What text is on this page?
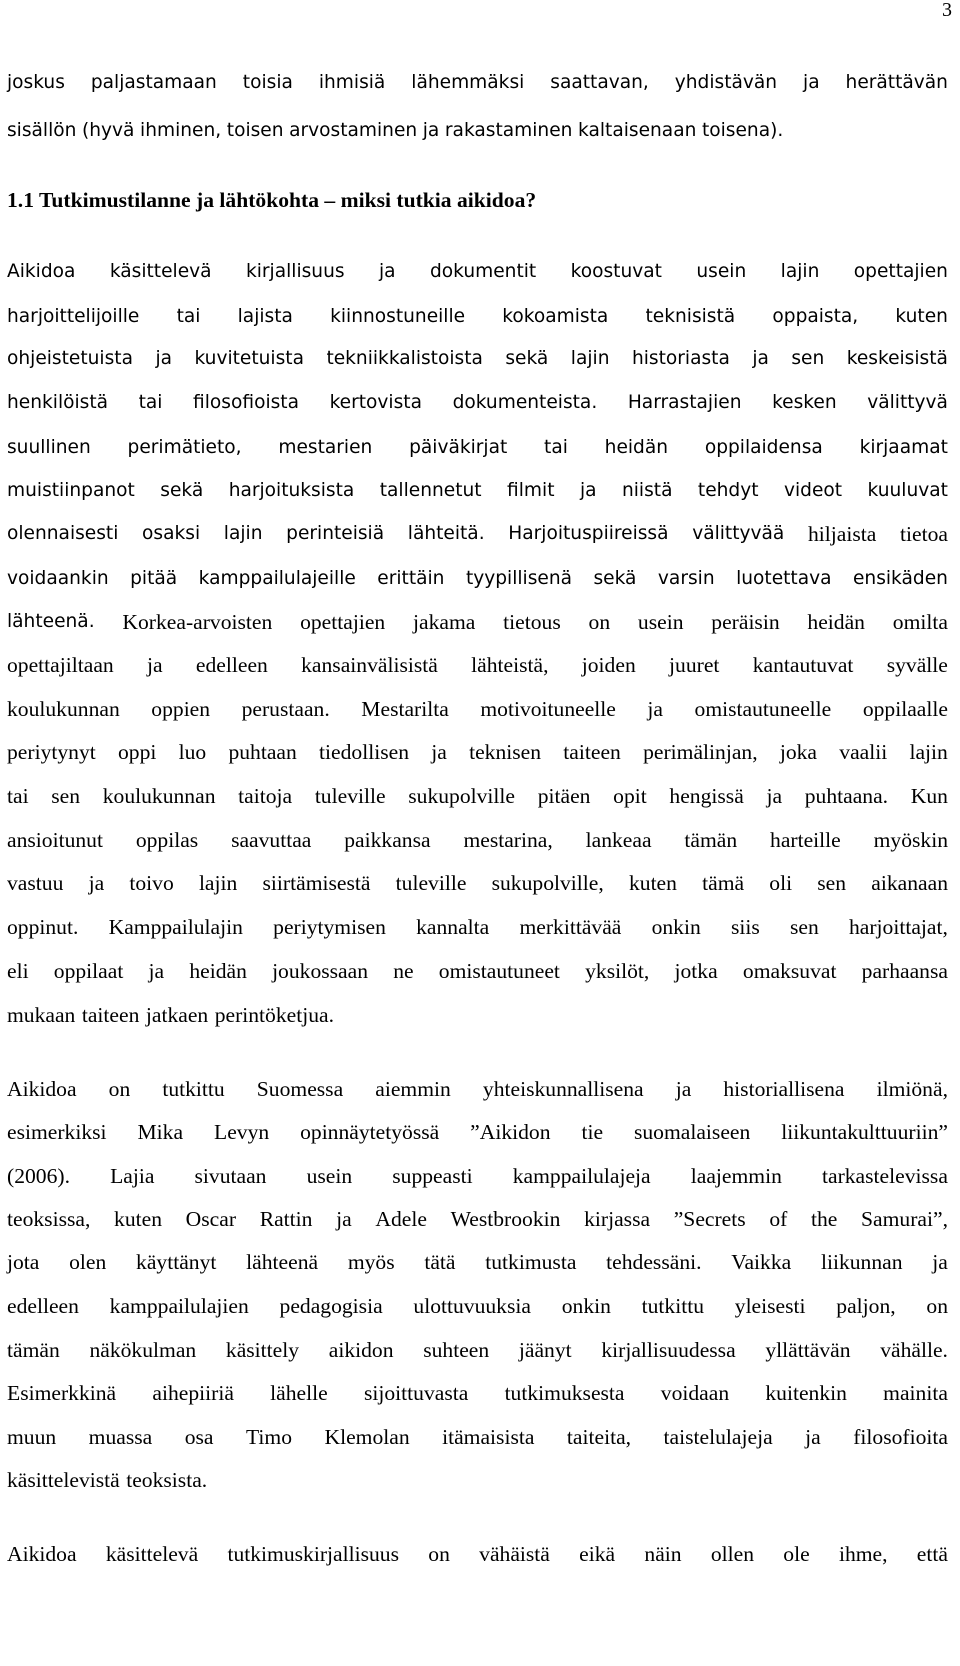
3
joskus paljastamaan toisia ihmisiä lähemmäksi saattavan, yhdistävän ja herättävän
sisällön (hyvä ihminen, toisen arvostaminen ja rakastaminen kaltaisenaan toisena).
1.1 Tutkimustilanne ja lähtökohta – miksi tutkia aikidoa?
Aikidoa käsittelevä kirjallisuus ja dokumentit koostuvat usein lajin opettajien
harjoittelijoille tai lajista kiinnostuneille kokoamista teknisistä oppaista, kuten
ohjeistetuista ja kuvitetuista tekniikkalistoista sekä lajin historiasta ja sen keskeisistä
henkilöistä tai filosofioista kertovista dokumenteista. Harrastajien kesken välittyvä
suullinen perimätieto, mestarien päiväkirjat tai heidän oppilaidensa kirjaamat
muistiinpanot sekä harjoituksista tallennetut filmit ja niistä tehdyt videot kuuluvat
olennaisesti osaksi lajin perinteisiä lähteitä. Harjoituspiireissä välittyvää hiljaista tietoa
voidaankin pitää kamppailulajeille erittäin tyypillisenä sekä varsin luotettava ensikäden
lähteenä. Korkea-arvoisten opettajien jakama tietous on usein peräisin heidän omilta
opettajiltaan ja edelleen kansainvälisistä lähteistä, joiden juuret kantautuvat syvälle
koulukunnan oppien perustaan. Mestarilta motivoituneelle ja omistautuneelle oppilaalle
periytynyt oppi luo puhtaan tiedollisen ja teknisen taiteen perimälinjan, joka vaalii lajin
tai sen koulukunnan taitoja tuleville sukupolville pitäen opit hengissä ja puhtaana. Kun
ansioitunut oppilas saavuttaa paikkansa mestarina, lankeaa tämän harteille myöskin
vastuu ja toivo lajin siirtämisestä tuleville sukupolville, kuten tämä oli sen aikanaan
oppinut. Kamppailulajin periytymisen kannalta merkittävää onkin siis sen harjoittajat,
eli oppilaat ja heidän joukossaan ne omistautuneet yksilöt, jotka omaksuvat parhaansa
mukaan taiteen jatkaen perintöketjua.
Aikidoa on tutkittu Suomessa aiemmin yhteiskunnallisena ja historiallisena ilmiönä,
esimerkiksi Mika Levyn opinnäytetyössä ”Aikidon tie suomalaiseen liikuntakulttuuriin”
(2006). Lajia sivutaan usein suppeasti kamppailulajeja laajemmin tarkastelevissa
teoksissa, kuten Oscar Rattin ja Adele Westbrookin kirjassa ”Secrets of the Samurai”,
jota olen käyttänyt lähteenä myös tätä tutkimusta tehdessäni. Vaikka liikunnan ja
edelleen kamppailulajien pedagogisia ulottuvuuksia onkin tutkittu yleisesti paljon, on
tämän näkökulman käsittely aikidon suhteen jäänyt kirjallisuudessa yllättävän vähälle.
Esimerkkinä aihepiiriä lähelle sijoittuvasta tutkimuksesta voidaan kuitenkin mainita
muun muassa osa Timo Klemolan itämaisista taiteita, taistelulajeja ja filosofioita
käsittelevistä teoksista.
Aikidoa käsittelevä tutkimuskirjallisuus on vähäistä eikä näin ollen ole ihme, että
